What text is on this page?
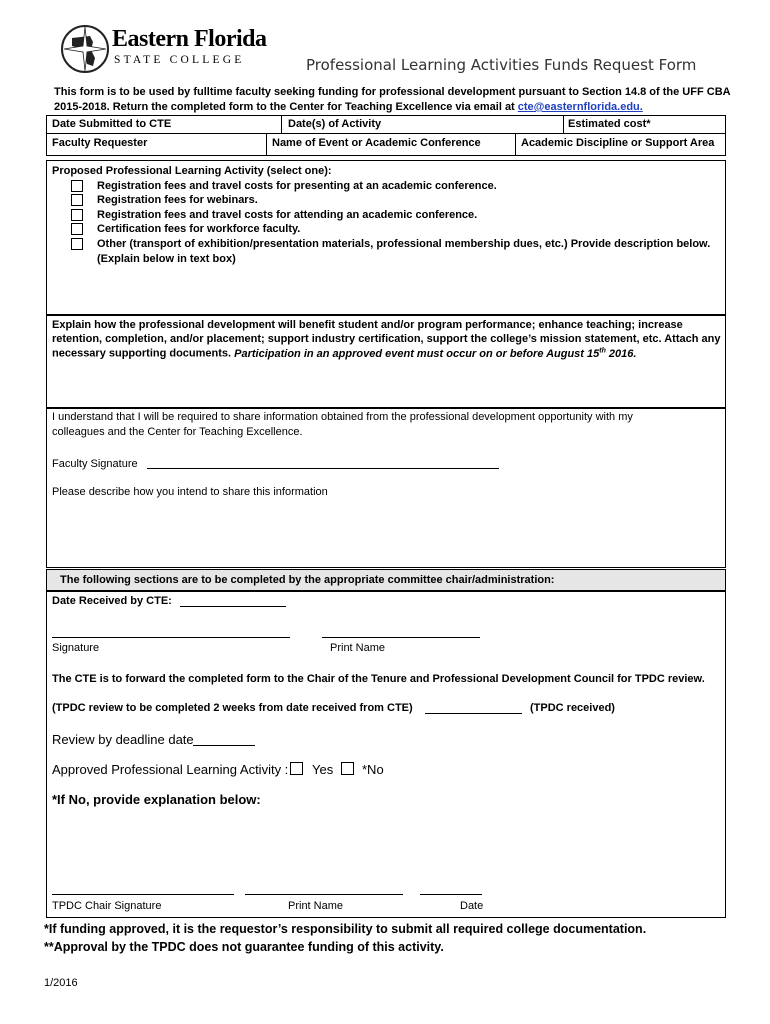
Eastern Florida
STATE COLLEGE	Professional Learning Activities Funds Request Form
This form is to be used by fulltime faculty seeking funding for professional development pursuant to Section 14.8 of the UFF CBA
2015-2018. Return the completed form to the Center for Teaching Excellence via email at cte@easternflorida.edu.
Date Submitted to CTE	Date(s) of Activity	Estimated cost*
Faculty Requester	Name of Event or Academic Conference	Academic Discipline or Support Area
Proposed Professional Learning Activity (select one):
Registration fees and travel costs for presenting at an academic conference.
Registration fees for webinars.
Registration fees and travel costs for attending an academic conference.
Certification fees for workforce faculty.
Other (transport of exhibition/presentation materials, professional membership dues, etc.) Provide description below.
(Explain below in text box)
Explain how the professional development will benefit student and/or program performance; enhance teaching; increase
retention, completion, and/or placement; support industry certification, support the college’s mission statement, etc. Attach any
necessary supporting documents. Participation in an approved event must occur on or before August 15th 2016.
I understand that I will be required to share information obtained from the professional development opportunity with my
colleagues and the Center for Teaching Excellence.
Faculty Signature
Please describe how you intend to share this information
The following sections are to be completed by the appropriate committee chair/administration:
Date Received by CTE:
Signature	Print Name
The CTE is to forward the completed form to the Chair of the Tenure and Professional Development Council for TPDC review.
(TPDC review to be completed 2 weeks from date received from CTE)	(TPDC received)
Review by deadline date
Approved Professional Learning Activity : Yes *No
*If No, provide explanation below:
TPDC Chair Signature	Print Name	Date
*If funding approved, it is the requestor’s responsibility to submit all required college documentation.
**Approval by the TPDC does not guarantee funding of this activity.
1/2016
